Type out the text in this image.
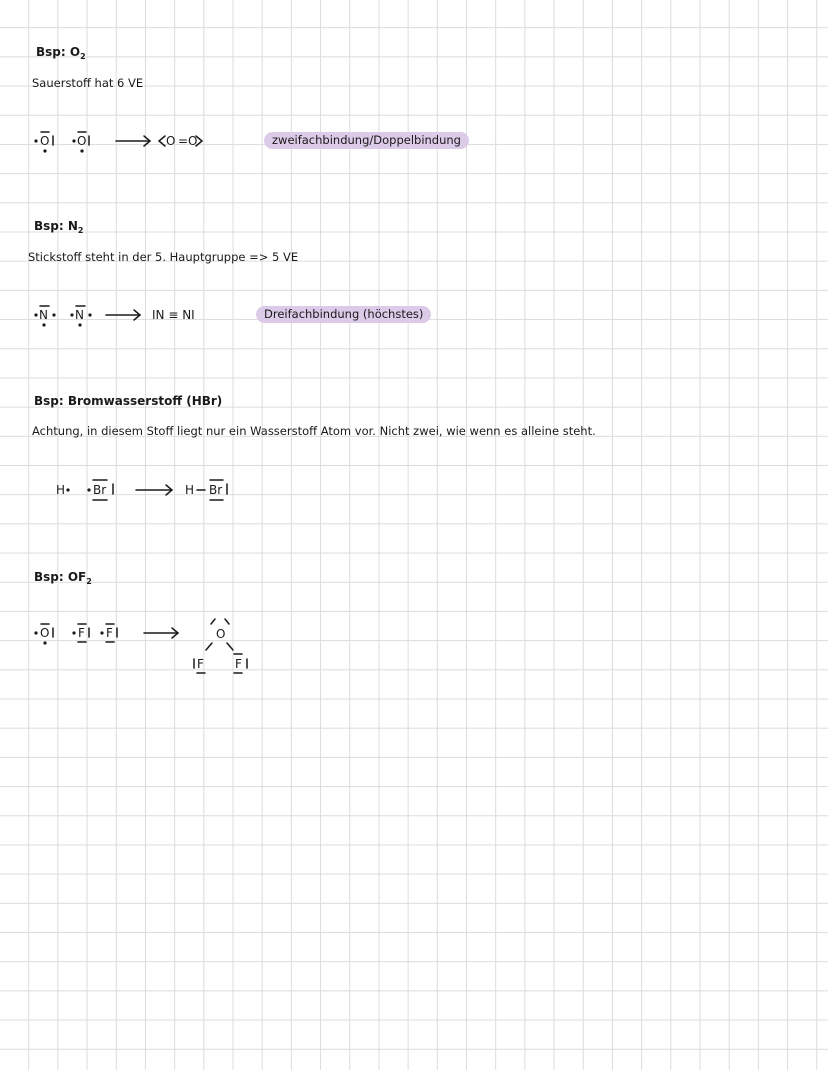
Bsp: $O_2$
Sauerstoff hat 6 VE
O O	O = O	zweifachbindung/Doppelbindung
Bsp: $N_2$
Stickstoff steht in der 5. Hauptgruppe => 5 VE
N N	IN ≡ NI	Dreifachbindung (höchstes)
Bsp: Bromwasserstoff (HBr)
Achtung, in diesem Stoff liegt nur ein Wasserstoff Atom vor. Nicht zwei, wie wenn es alleine steht.
H Br	H Br
Bsp: $OF_2$
O F F	O
F	F
